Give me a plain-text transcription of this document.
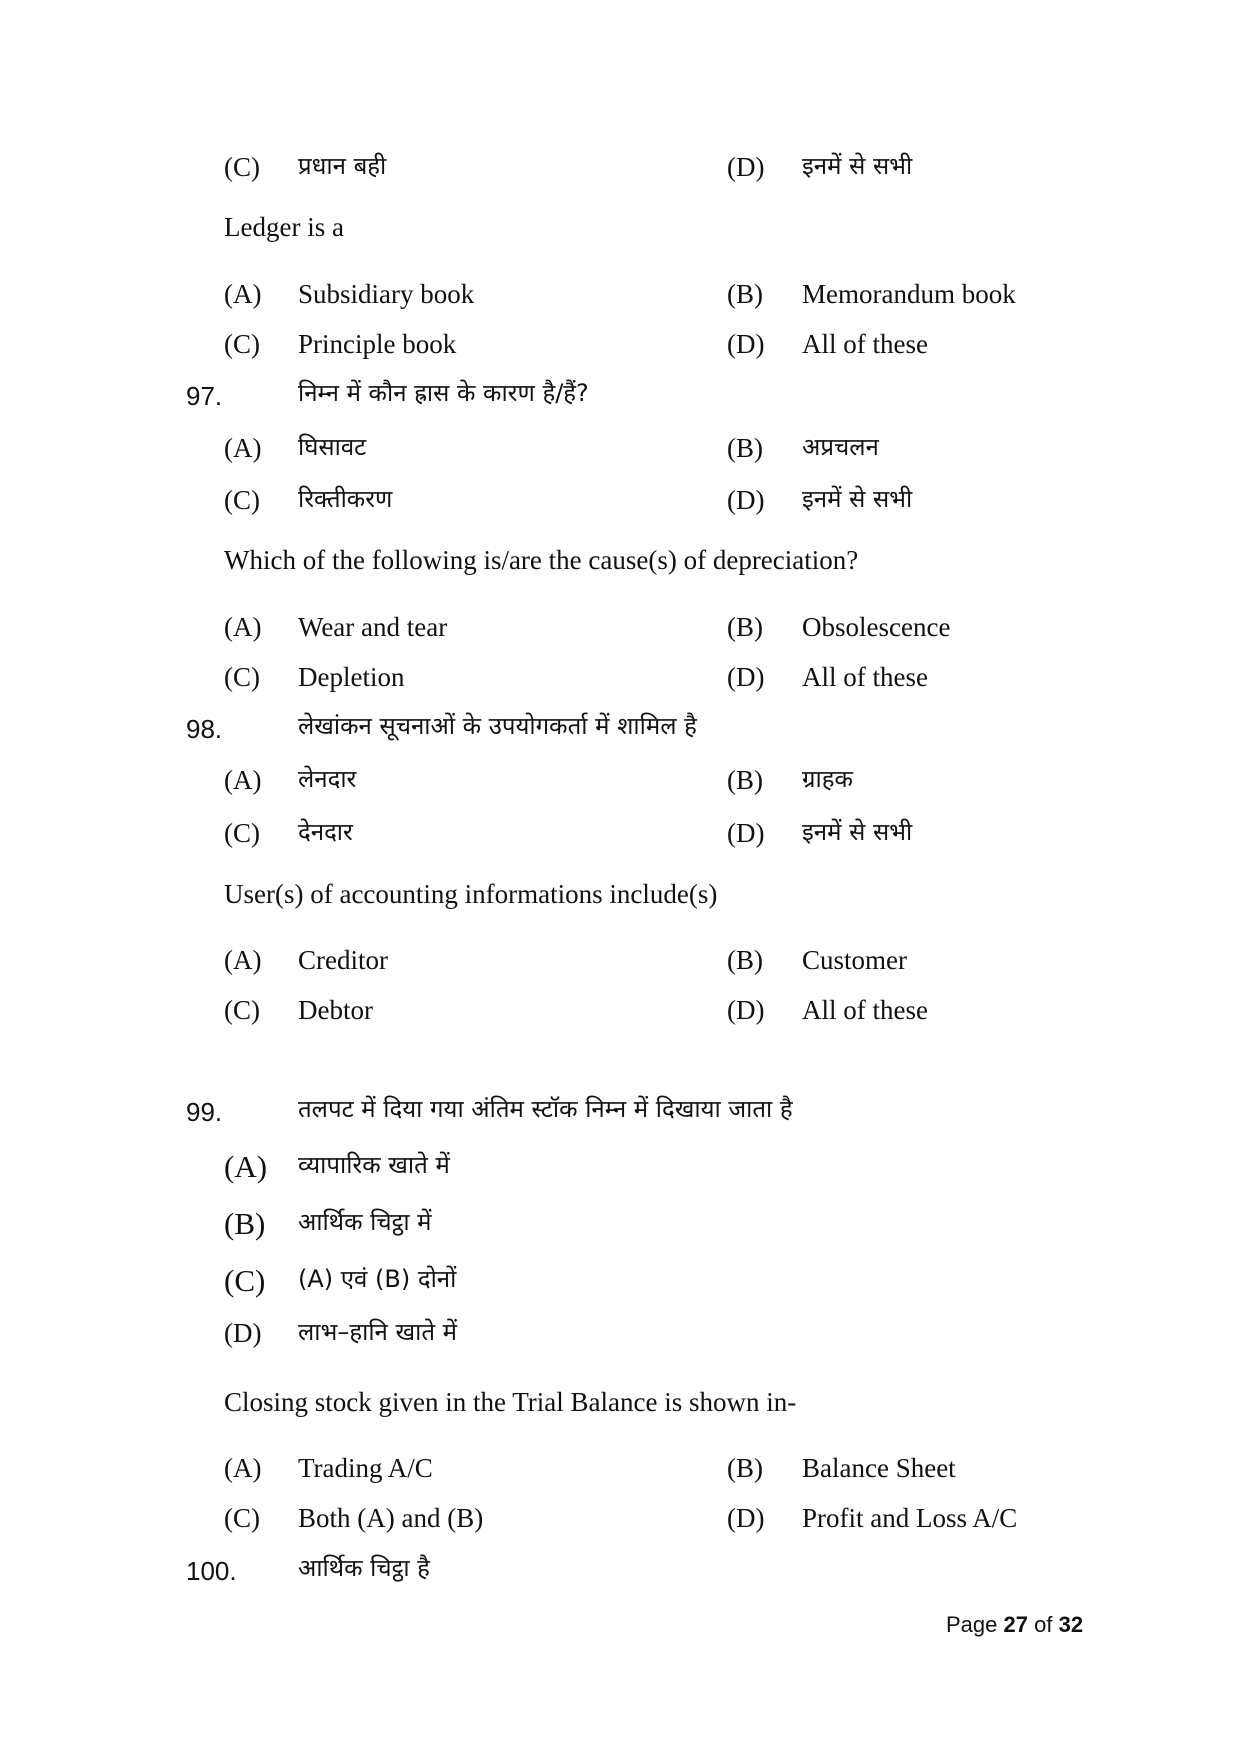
(C) प्रधान बही	(D) इनमें से सभी
Ledger is a
(A) Subsidiary book	(B) Memorandum book
(C) Principle book	(D) All of these
97.	निम्न में कौन ह्रास के कारण है/हैं?
(A) घिसावट	(B) अप्रचलन
(C) रिक्तीकरण	(D) इनमें से सभी
Which of the following is/are the cause(s) of depreciation?
(A) Wear and tear	(B) Obsolescence
(C) Depletion	(D) All of these
98.	लेखांकन सूचनाओं के उपयोगकर्ता में शामिल है
(A) लेनदार	(B) ग्राहक
(C) देनदार	(D) इनमें से सभी
User(s) of accounting informations include(s)
(A) Creditor	(B) Customer
(C) Debtor	(D) All of these
99.	तलपट में दिया गया अंतिम स्टॉक निम्न में दिखाया जाता है
(A) व्यापारिक खाते में
(B) आर्थिक चिट्ठा में
(C) (A) एवं (B) दोनों
(D) लाभ–हानि खाते में
Closing stock given in the Trial Balance is shown in-
(A) Trading A/C	(B) Balance Sheet
(C) Both (A) and (B)	(D) Profit and Loss A/C
100.	आर्थिक चिट्ठा है
Page 27 of 32
